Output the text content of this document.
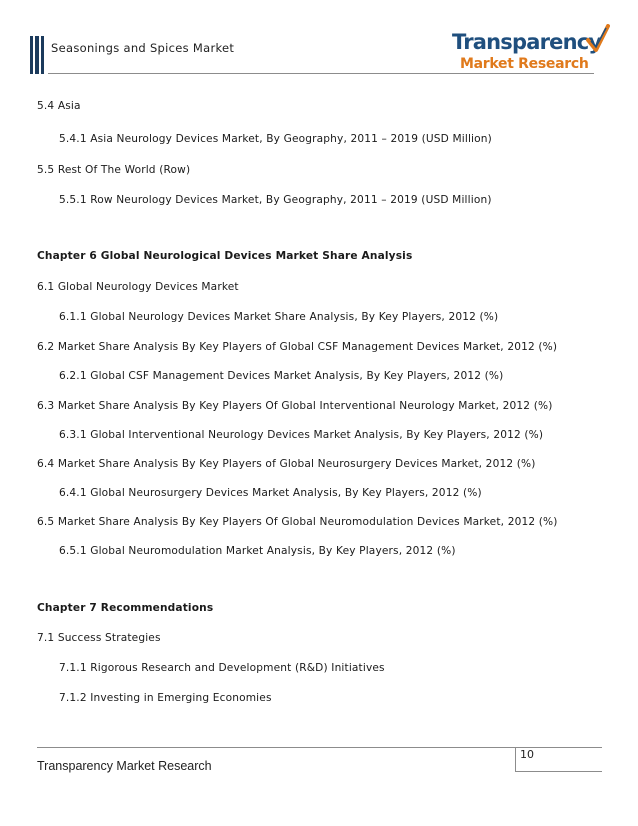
Seasonings and Spices Market	Transparency
Market Research
5.4 Asia
5.4.1 Asia Neurology Devices Market, By Geography, 2011 – 2019 (USD Million)
5.5 Rest Of The World (Row)
5.5.1 Row Neurology Devices Market, By Geography, 2011 – 2019 (USD Million)
Chapter 6 Global Neurological Devices Market Share Analysis
6.1 Global Neurology Devices Market
6.1.1 Global Neurology Devices Market Share Analysis, By Key Players, 2012 (%)
6.2 Market Share Analysis By Key Players of Global CSF Management Devices Market, 2012 (%)
6.2.1 Global CSF Management Devices Market Analysis, By Key Players, 2012 (%)
6.3 Market Share Analysis By Key Players Of Global Interventional Neurology Market, 2012 (%)
6.3.1 Global Interventional Neurology Devices Market Analysis, By Key Players, 2012 (%)
6.4 Market Share Analysis By Key Players of Global Neurosurgery Devices Market, 2012 (%)
6.4.1 Global Neurosurgery Devices Market Analysis, By Key Players, 2012 (%)
6.5 Market Share Analysis By Key Players Of Global Neuromodulation Devices Market, 2012 (%)
6.5.1 Global Neuromodulation Market Analysis, By Key Players, 2012 (%)
Chapter 7 Recommendations
7.1 Success Strategies
7.1.1 Rigorous Research and Development (R&D) Initiatives
7.1.2 Investing in Emerging Economies
10
Transparency Market Research
